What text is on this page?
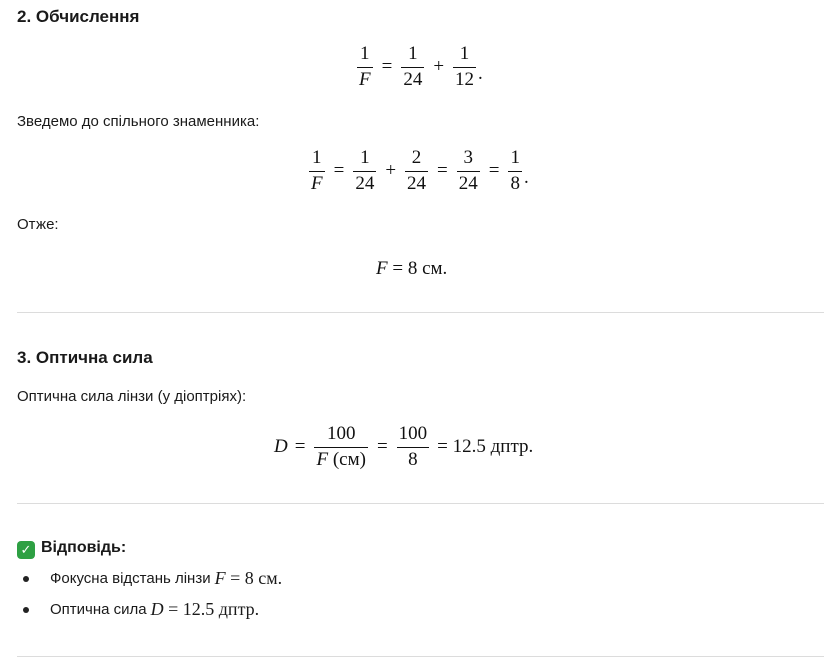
2. Обчислення
$\frac{1}{F} = \frac{1}{24} + \frac{1}{12}$ .

Зведемо до спільного знаменника:

$\frac{1}{F} = \frac{1}{24} + \frac{2}{24} = \frac{3}{24} = \frac{1}{8}$ .

Отже:

F = 8 см.
3. Оптична сила

Оптична сила лінзи (у діоптріях):

$D = \frac{100}{F (см)} = \frac{100}{8} = 12.5$ дптр.
✓ Відповідь:
Фокусна відстань лінзи F = 8 см.
Оптична сила D = 12.5 дптр.
